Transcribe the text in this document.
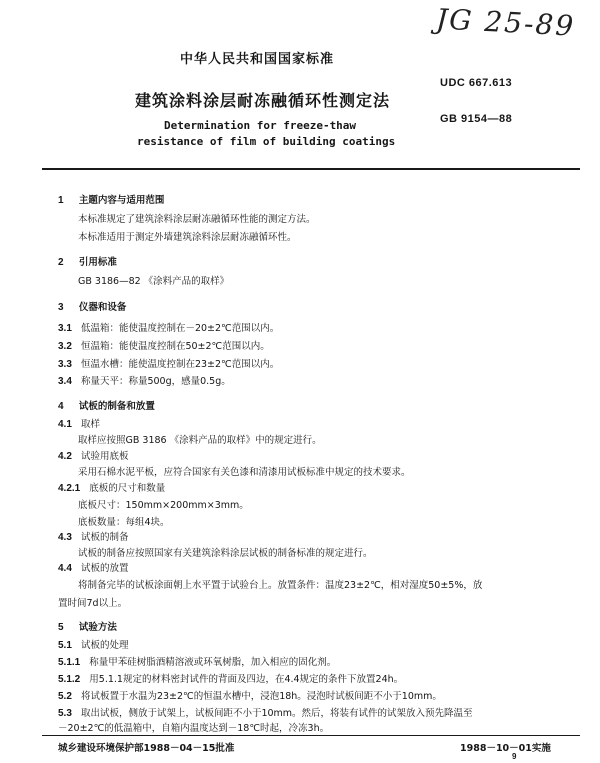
JG 25-89
中华人民共和国国家标准
建筑涂料涂层耐冻融循环性测定法
Determination for freeze-thaw
resistance of film of building coatings
UDC 667.613
GB 9154—88
1 主题内容与适用范围
本标准规定了建筑涂料涂层耐冻融循环性能的测定方法。
本标准适用于测定外墙建筑涂料涂层耐冻融循环性。
2 引用标准
GB 3186—82 《涂料产品的取样》
3 仪器和设备
3.1 低温箱：能使温度控制在－20±2℃范围以内。
3.2 恒温箱：能使温度控制在50±2℃范围以内。
3.3 恒温水槽：能使温度控制在23±2℃范围以内。
3.4 称量天平：称量500g，感量0.5g。
4 试板的制备和放置
4.1 取样
取样应按照GB 3186 《涂料产品的取样》中的规定进行。
4.2 试验用底板
采用石棉水泥平板，应符合国家有关色漆和清漆用试板标准中规定的技术要求。
4.2.1 底板的尺寸和数量
底板尺寸：150mm×200mm×3mm。
底板数量：每组4块。
4.3 试板的制备
试板的制备应按照国家有关建筑涂料涂层试板的制备标准的规定进行。
4.4 试板的放置
将制备完毕的试板涂面朝上水平置于试验台上。放置条件：温度23±2℃，相对湿度50±5%，放
置时间7d以上。
5 试验方法
5.1 试板的处理
5.1.1 称量甲苯硅树脂酒精溶液或环氧树脂，加入相应的固化剂。
5.1.2 用5.1.1规定的材料密封试件的背面及四边，在4.4规定的条件下放置24h。
5.2 将试板置于水温为23±2℃的恒温水槽中，浸泡18h。浸泡时试板间距不小于10mm。
5.3 取出试板，侧放于试架上，试板间距不小于10mm。然后，将装有试件的试架放入预先降温至
－20±2℃的低温箱中，自箱内温度达到－18℃时起，冷冻3h。
城乡建设环境保护部1988－04－15批准	1988－10－01实施
9
